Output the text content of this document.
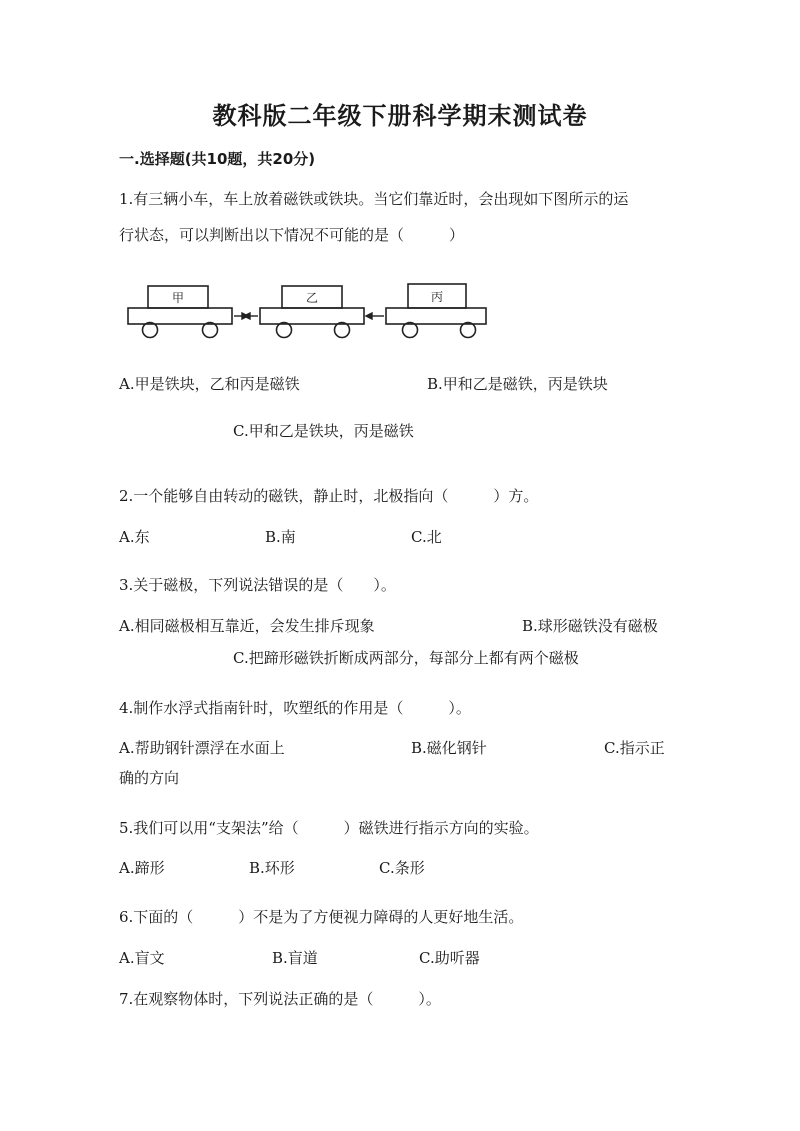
教科版二年级下册科学期末测试卷
一.选择题(共10题，共20分)
1.有三辆小车，车上放着磁铁或铁块。当它们靠近时，会出现如下图所示的运
行状态，可以判断出以下情况不可能的是（　　　）
甲	乙	丙
A.甲是铁块，乙和丙是磁铁	B.甲和乙是磁铁，丙是铁块
C.甲和乙是铁块，丙是磁铁
2.一个能够自由转动的磁铁，静止时，北极指向（　　　）方。
A.东	B.南	C.北
3.关于磁极，下列说法错误的是（　　）。
A.相同磁极相互靠近，会发生排斥现象	B.球形磁铁没有磁极
C.把蹄形磁铁折断成两部分，每部分上都有两个磁极
4.制作水浮式指南针时，吹塑纸的作用是（　　　）。
A.帮助钢针漂浮在水面上	B.磁化钢针	C.指示正
确的方向
5.我们可以用“支架法”给（　　　）磁铁进行指示方向的实验。
A.蹄形	B.环形	C.条形
6.下面的（　　　）不是为了方便视力障碍的人更好地生活。
A.盲文	B.盲道	C.助听器
7.在观察物体时，下列说法正确的是（　　　）。
